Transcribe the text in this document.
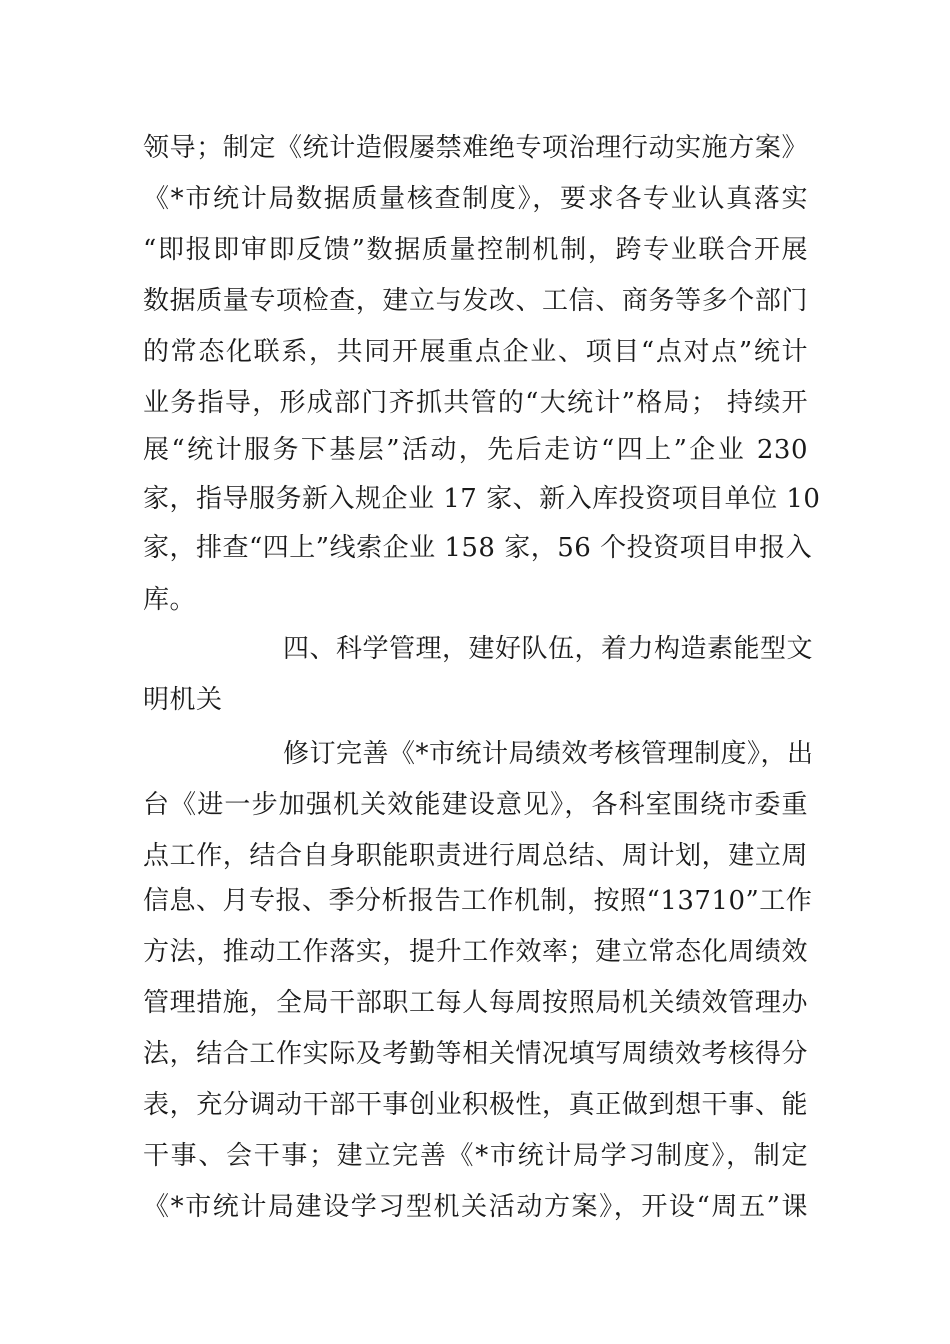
领导；制定《统计造假屡禁难绝专项治理行动实施方案》
《*市统计局数据质量核查制度》，要求各专业认真落实
“即报即审即反馈”数据质量控制机制，跨专业联合开展
数据质量专项检查，建立与发改、工信、商务等多个部门
的常态化联系，共同开展重点企业、项目“点对点”统计
业务指导，形成部门齐抓共管的“大统计”格局； 持续开
展“统计服务下基层”活动，先后走访“四上”企业 230
家，指导服务新入规企业 17 家、新入库投资项目单位 10
家，排查“四上”线索企业 158 家，56 个投资项目申报入
库。
四、科学管理，建好队伍，着力构造素能型文
明机关
修订完善《*市统计局绩效考核管理制度》，出
台《进一步加强机关效能建设意见》，各科室围绕市委重
点工作，结合自身职能职责进行周总结、周计划，建立周
信息、月专报、季分析报告工作机制，按照“13710”工作
方法，推动工作落实，提升工作效率；建立常态化周绩效
管理措施，全局干部职工每人每周按照局机关绩效管理办
法，结合工作实际及考勤等相关情况填写周绩效考核得分
表，充分调动干部干事创业积极性，真正做到想干事、能
干事、会干事；建立完善《*市统计局学习制度》，制定
《*市统计局建设学习型机关活动方案》，开设“周五”课
